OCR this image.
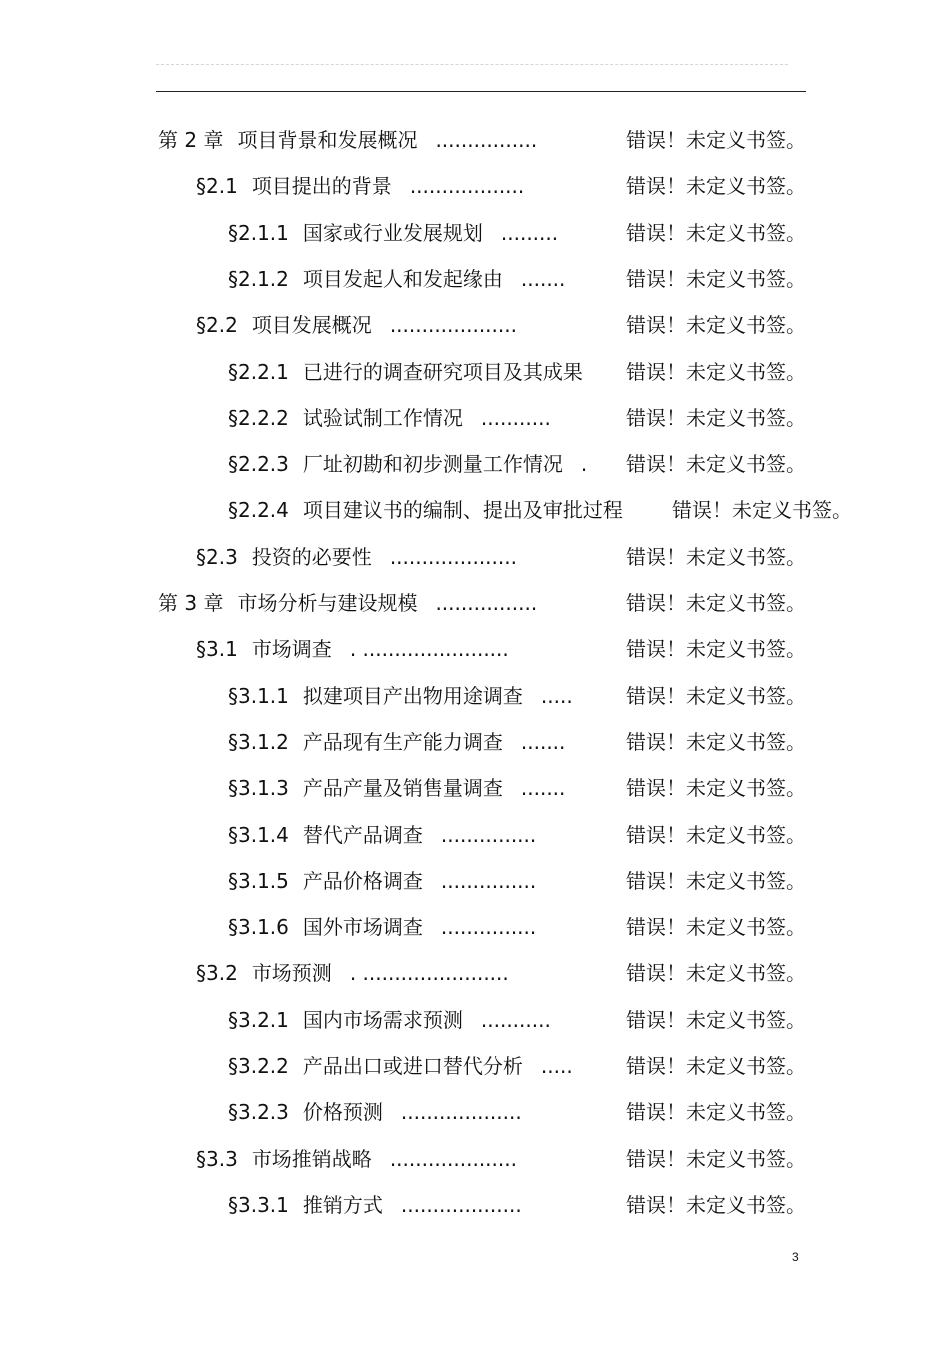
第 2 章 项目背景和发展概况 ................	错误！未定义书签。
§2.1 项目提出的背景 ..................	错误！未定义书签。
§2.1.1 国家或行业发展规划 .........	错误！未定义书签。
§2.1.2 项目发起人和发起缘由 .......	错误！未定义书签。
§2.2 项目发展概况 ....................	错误！未定义书签。
§2.2.1 已进行的调查研究项目及其成果	错误！未定义书签。
§2.2.2 试验试制工作情况 ...........	错误！未定义书签。
§2.2.3 厂址初勘和初步测量工作情况 . 错误！未定义书签。
§2.2.4 项目建议书的编制、提出及审批过程	错误！未定义书签。
§2.3 投资的必要性 ....................	错误！未定义书签。
第 3 章 市场分析与建设规模 ................	错误！未定义书签。
§3.1 市场调查 . .......................	错误！未定义书签。
§3.1.1 拟建项目产出物用途调查 .....	错误！未定义书签。
§3.1.2 产品现有生产能力调查 .......	错误！未定义书签。
§3.1.3 产品产量及销售量调查 .......	错误！未定义书签。
§3.1.4 替代产品调查 ...............	错误！未定义书签。
§3.1.5 产品价格调查 ...............	错误！未定义书签。
§3.1.6 国外市场调查 ...............	错误！未定义书签。
§3.2 市场预测 . .......................	错误！未定义书签。
§3.2.1 国内市场需求预测 ...........	错误！未定义书签。
§3.2.2 产品出口或进口替代分析 .....	错误！未定义书签。
§3.2.3 价格预测 ...................	错误！未定义书签。
§3.3 市场推销战略 ....................	错误！未定义书签。
§3.3.1 推销方式 ...................	错误！未定义书签。
3
